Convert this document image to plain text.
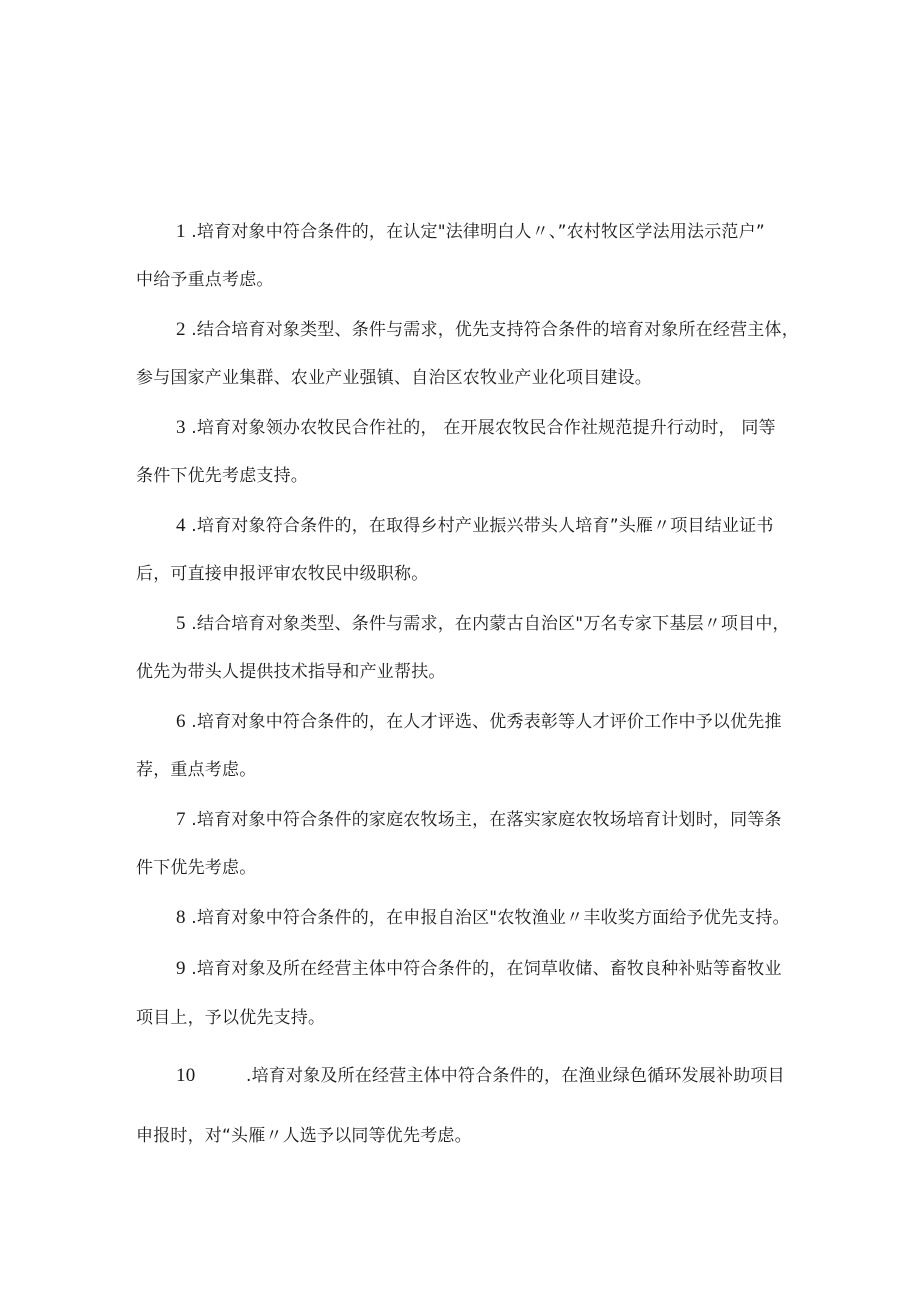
1 .培育对象中符合条件的，在认定"法律明白人〃、”农村牧区学法用法示范户”
中给予重点考虑。
2 .结合培育对象类型、条件与需求，优先支持符合条件的培育对象所在经营主体，
参与国家产业集群、农业产业强镇、自治区农牧业产业化项目建设。
3 .培育对象领办农牧民合作社的， 在开展农牧民合作社规范提升行动时， 同等
条件下优先考虑支持。
4 .培育对象符合条件的，在取得乡村产业振兴带头人培育”头雁〃项目结业证书
后，可直接申报评审农牧民中级职称。
5 .结合培育对象类型、条件与需求，在内蒙古自治区"万名专家下基层〃项目中，
优先为带头人提供技术指导和产业帮扶。
6 .培育对象中符合条件的，在人才评选、优秀表彰等人才评价工作中予以优先推
荐，重点考虑。
7 .培育对象中符合条件的家庭农牧场主，在落实家庭农牧场培育计划时，同等条
件下优先考虑。
8 .培育对象中符合条件的，在申报自治区"农牧渔业〃丰收奖方面给予优先支持。
9 .培育对象及所在经营主体中符合条件的，在饲草收储、畜牧良种补贴等畜牧业
项目上，予以优先支持。
10	.培育对象及所在经营主体中符合条件的，在渔业绿色循环发展补助项目
申报时，对“头雁〃人选予以同等优先考虑。
